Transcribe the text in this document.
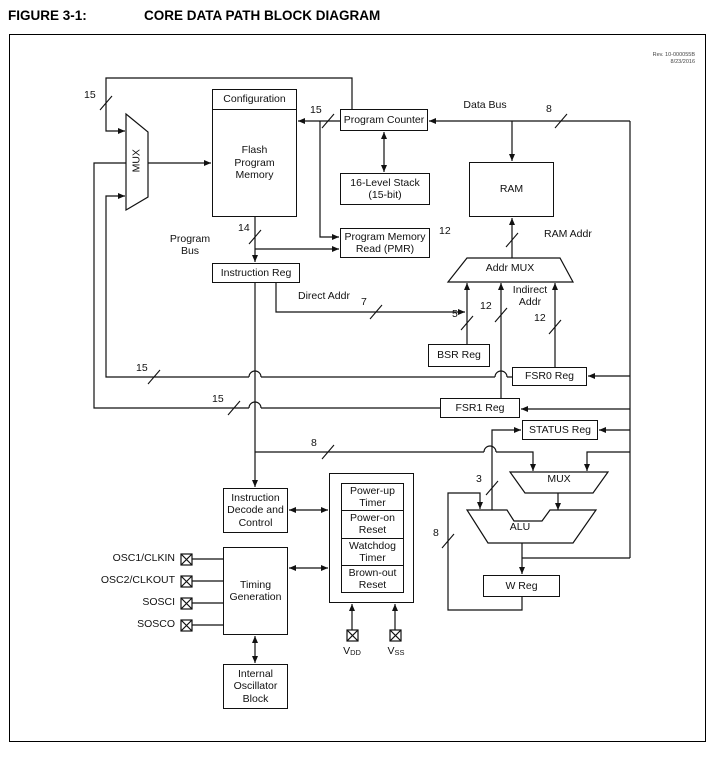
FIGURE 3-1:	CORE DATA PATH BLOCK DIAGRAM
Rev. 10-000055B
8/23/2016
Configuration
Flash
Program
Memory
Program Counter
16-Level Stack
(15-bit)
Program Memory
Read (PMR)
RAM
Instruction Reg
BSR Reg
FSR0 Reg
FSR1 Reg
STATUS Reg
W Reg
Instruction
Decode and
Control
Timing
Generation
Power-up
Timer
Power-on
Reset
Watchdog
Timer
Brown-out
Reset
Internal
Oscillator
Block
MUX
Addr MUX
MUX
ALU
Data Bus
Program
Bus
Direct Addr	Indirect
Addr
RAM Addr
15
15
15
15
14
7
5
12
12
12
8
8
8
3
OSC1/CLKIN
OSC2/CLKOUT
SOSCI
SOSCO
VDD	VSS
